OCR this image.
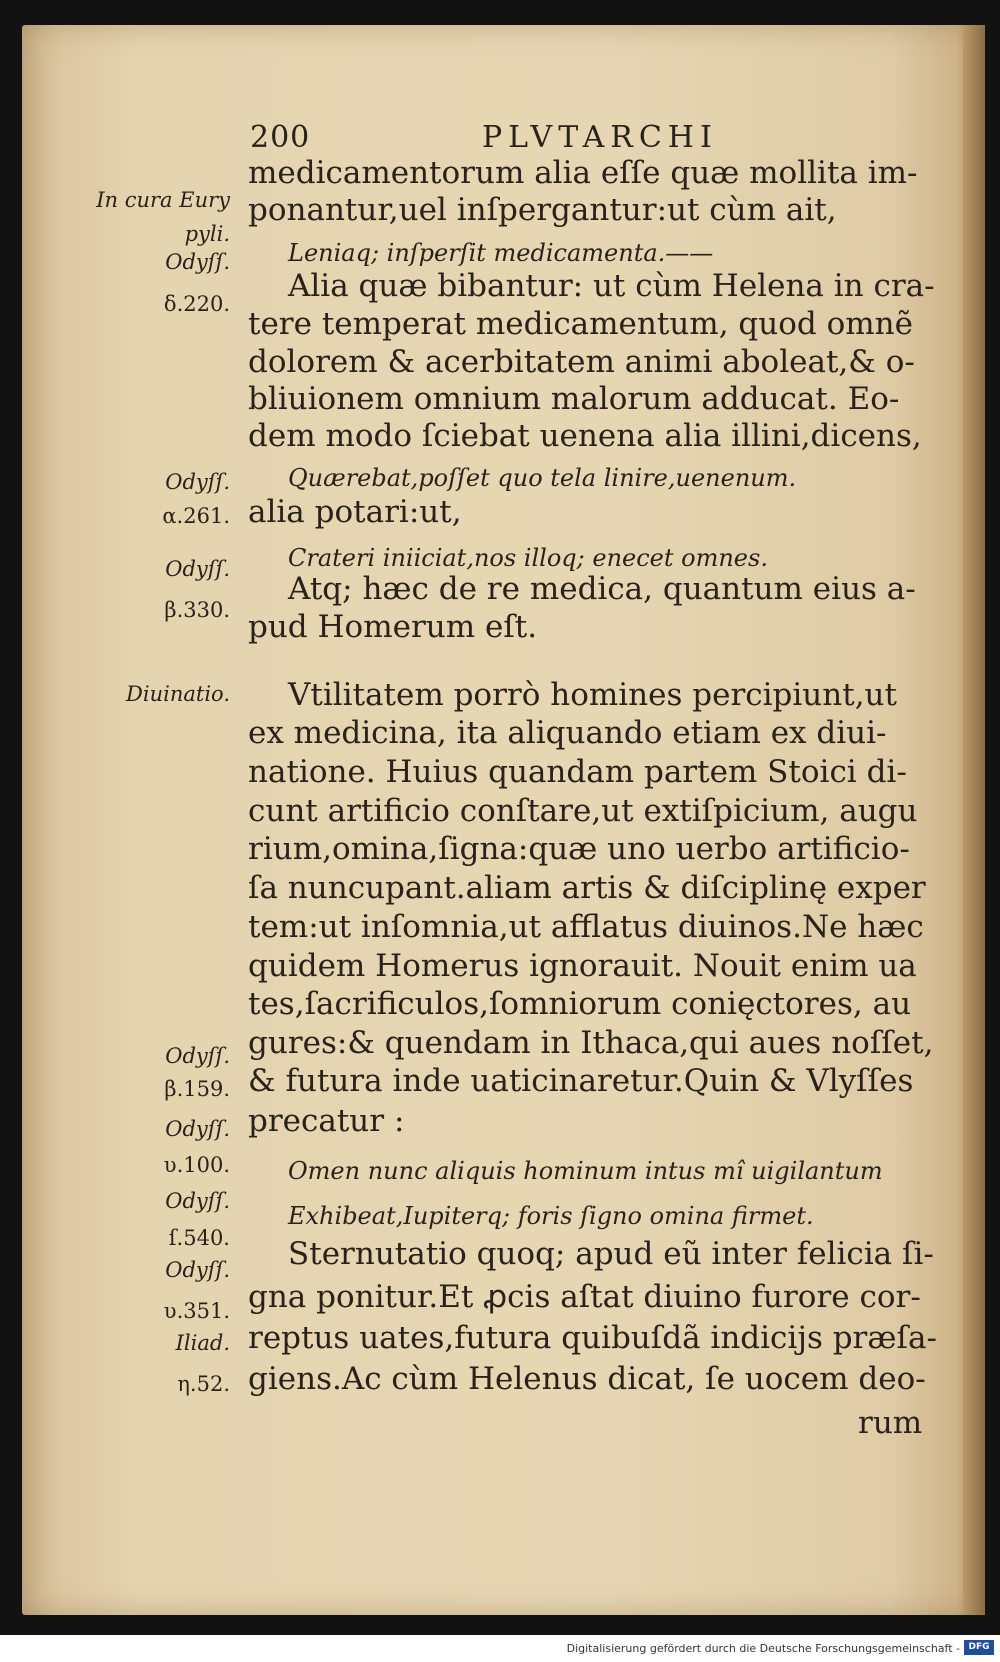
200	PLVTARCHI
medicamentorum alia eſſe quæ mollita im-
ponantur,uel inſpergantur:ut cùm ait,
Leniaq; inſperſit medicamenta.——
Alia quæ bibantur: ut cùm Helena in cra-
tere temperat medicamentum, quod omnẽ
dolorem & acerbitatem animi aboleat,& o-
bliuionem omnium malorum adducat. Eo-
dem modo ſciebat uenena alia illini,dicens,
Quærebat,poſſet quo tela linire,uenenum.
alia potari:ut,
Crateri iniiciat,nos illoq; enecet omnes.
Atq; hæc de re medica, quantum eius a-
pud Homerum eſt.
Vtilitatem porrò homines percipiunt,ut
ex medicina, ita aliquando etiam ex diui-
natione. Huius quandam partem Stoici di-
cunt artificio conſtare,ut extiſpicium, augu
rium,omina,ſigna:quæ uno uerbo artificio-
ſa nuncupant.aliam artis & diſciplinę exper
tem:ut inſomnia,ut afflatus diuinos.Ne hæc
quidem Homerus ignorauit. Nouit enim ua
tes,ſacrificulos,ſomniorum conięctores, au
gures:& quendam in Ithaca,qui aues noſſet,
& futura inde uaticinaretur.Quin & Vlyſſes
precatur :
Omen nunc aliquis hominum intus mî uigilantum
Exhibeat,Iupiterq; foris ſigno omina firmet.
Sternutatio quoq; apud eũ inter felicia ſi-
gna ponitur.Et ꝓcis aſtat diuino furore cor-
reptus uates,futura quibuſdã indicijs præſa-
giens.Ac cùm Helenus dicat, ſe uocem deo-
rum
In cura Eury
pyli.
Odyſſ.
δ.220.
Odyſſ.
α.261.
Odyſſ.
β.330.
Diuinatio.
Odyſſ.
β.159.
Odyſſ.
υ.100.
Odyſſ.
ſ.540.
Odyſſ.
υ.351.
Iliad.
η.52.
Digitalisierung gefördert durch die Deutsche Forschungsgemeinschaft - DFG
